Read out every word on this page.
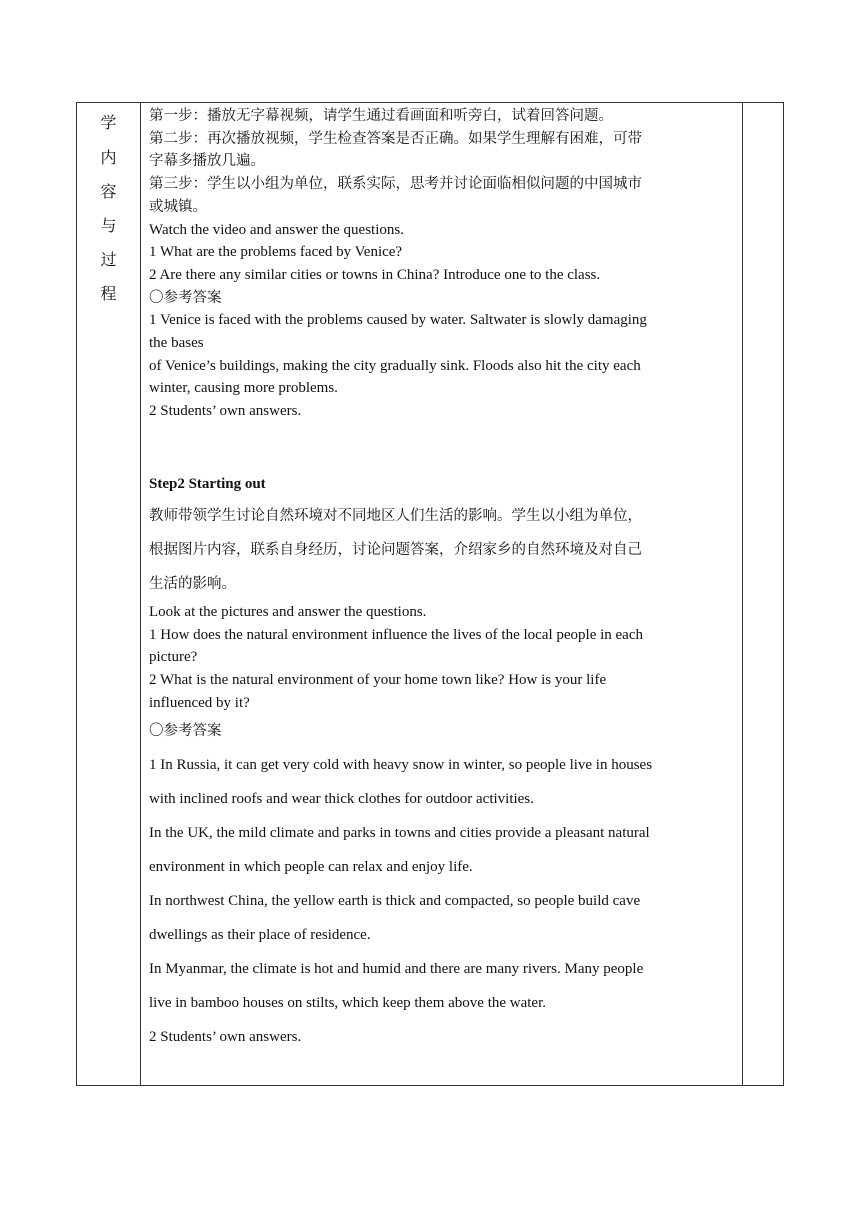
学
内
容
与
过
程
第一步：播放无字幕视频，请学生通过看画面和听旁白，试着回答问题。
第二步：再次播放视频，学生检查答案是否正确。如果学生理解有困难，可带
字幕多播放几遍。
第三步：学生以小组为单位，联系实际，思考并讨论面临相似问题的中国城市
或城镇。
Watch the video and answer the questions.
1 What are the problems faced by Venice?
2 Are there any similar cities or towns in China? Introduce one to the class.
〇参考答案
1 Venice is faced with the problems caused by water. Saltwater is slowly damaging
the bases
of Venice’s buildings, making the city gradually sink. Floods also hit the city each
winter, causing more problems.
2 Students’ own answers.
Step2 Starting out
教师带领学生讨论自然环境对不同地区人们生活的影响。学生以小组为单位，
根据图片内容，联系自身经历，讨论问题答案，介绍家乡的自然环境及对自己
生活的影响。
Look at the pictures and answer the questions.
1 How does the natural environment influence the lives of the local people in each
picture?
2 What is the natural environment of your home town like? How is your life
influenced by it?
〇参考答案
1 In Russia, it can get very cold with heavy snow in winter, so people live in houses
with inclined roofs and wear thick clothes for outdoor activities.
In the UK, the mild climate and parks in towns and cities provide a pleasant natural
environment in which people can relax and enjoy life.
In northwest China, the yellow earth is thick and compacted, so people build cave
dwellings as their place of residence.
In Myanmar, the climate is hot and humid and there are many rivers. Many people
live in bamboo houses on stilts, which keep them above the water.
2 Students’ own answers.
